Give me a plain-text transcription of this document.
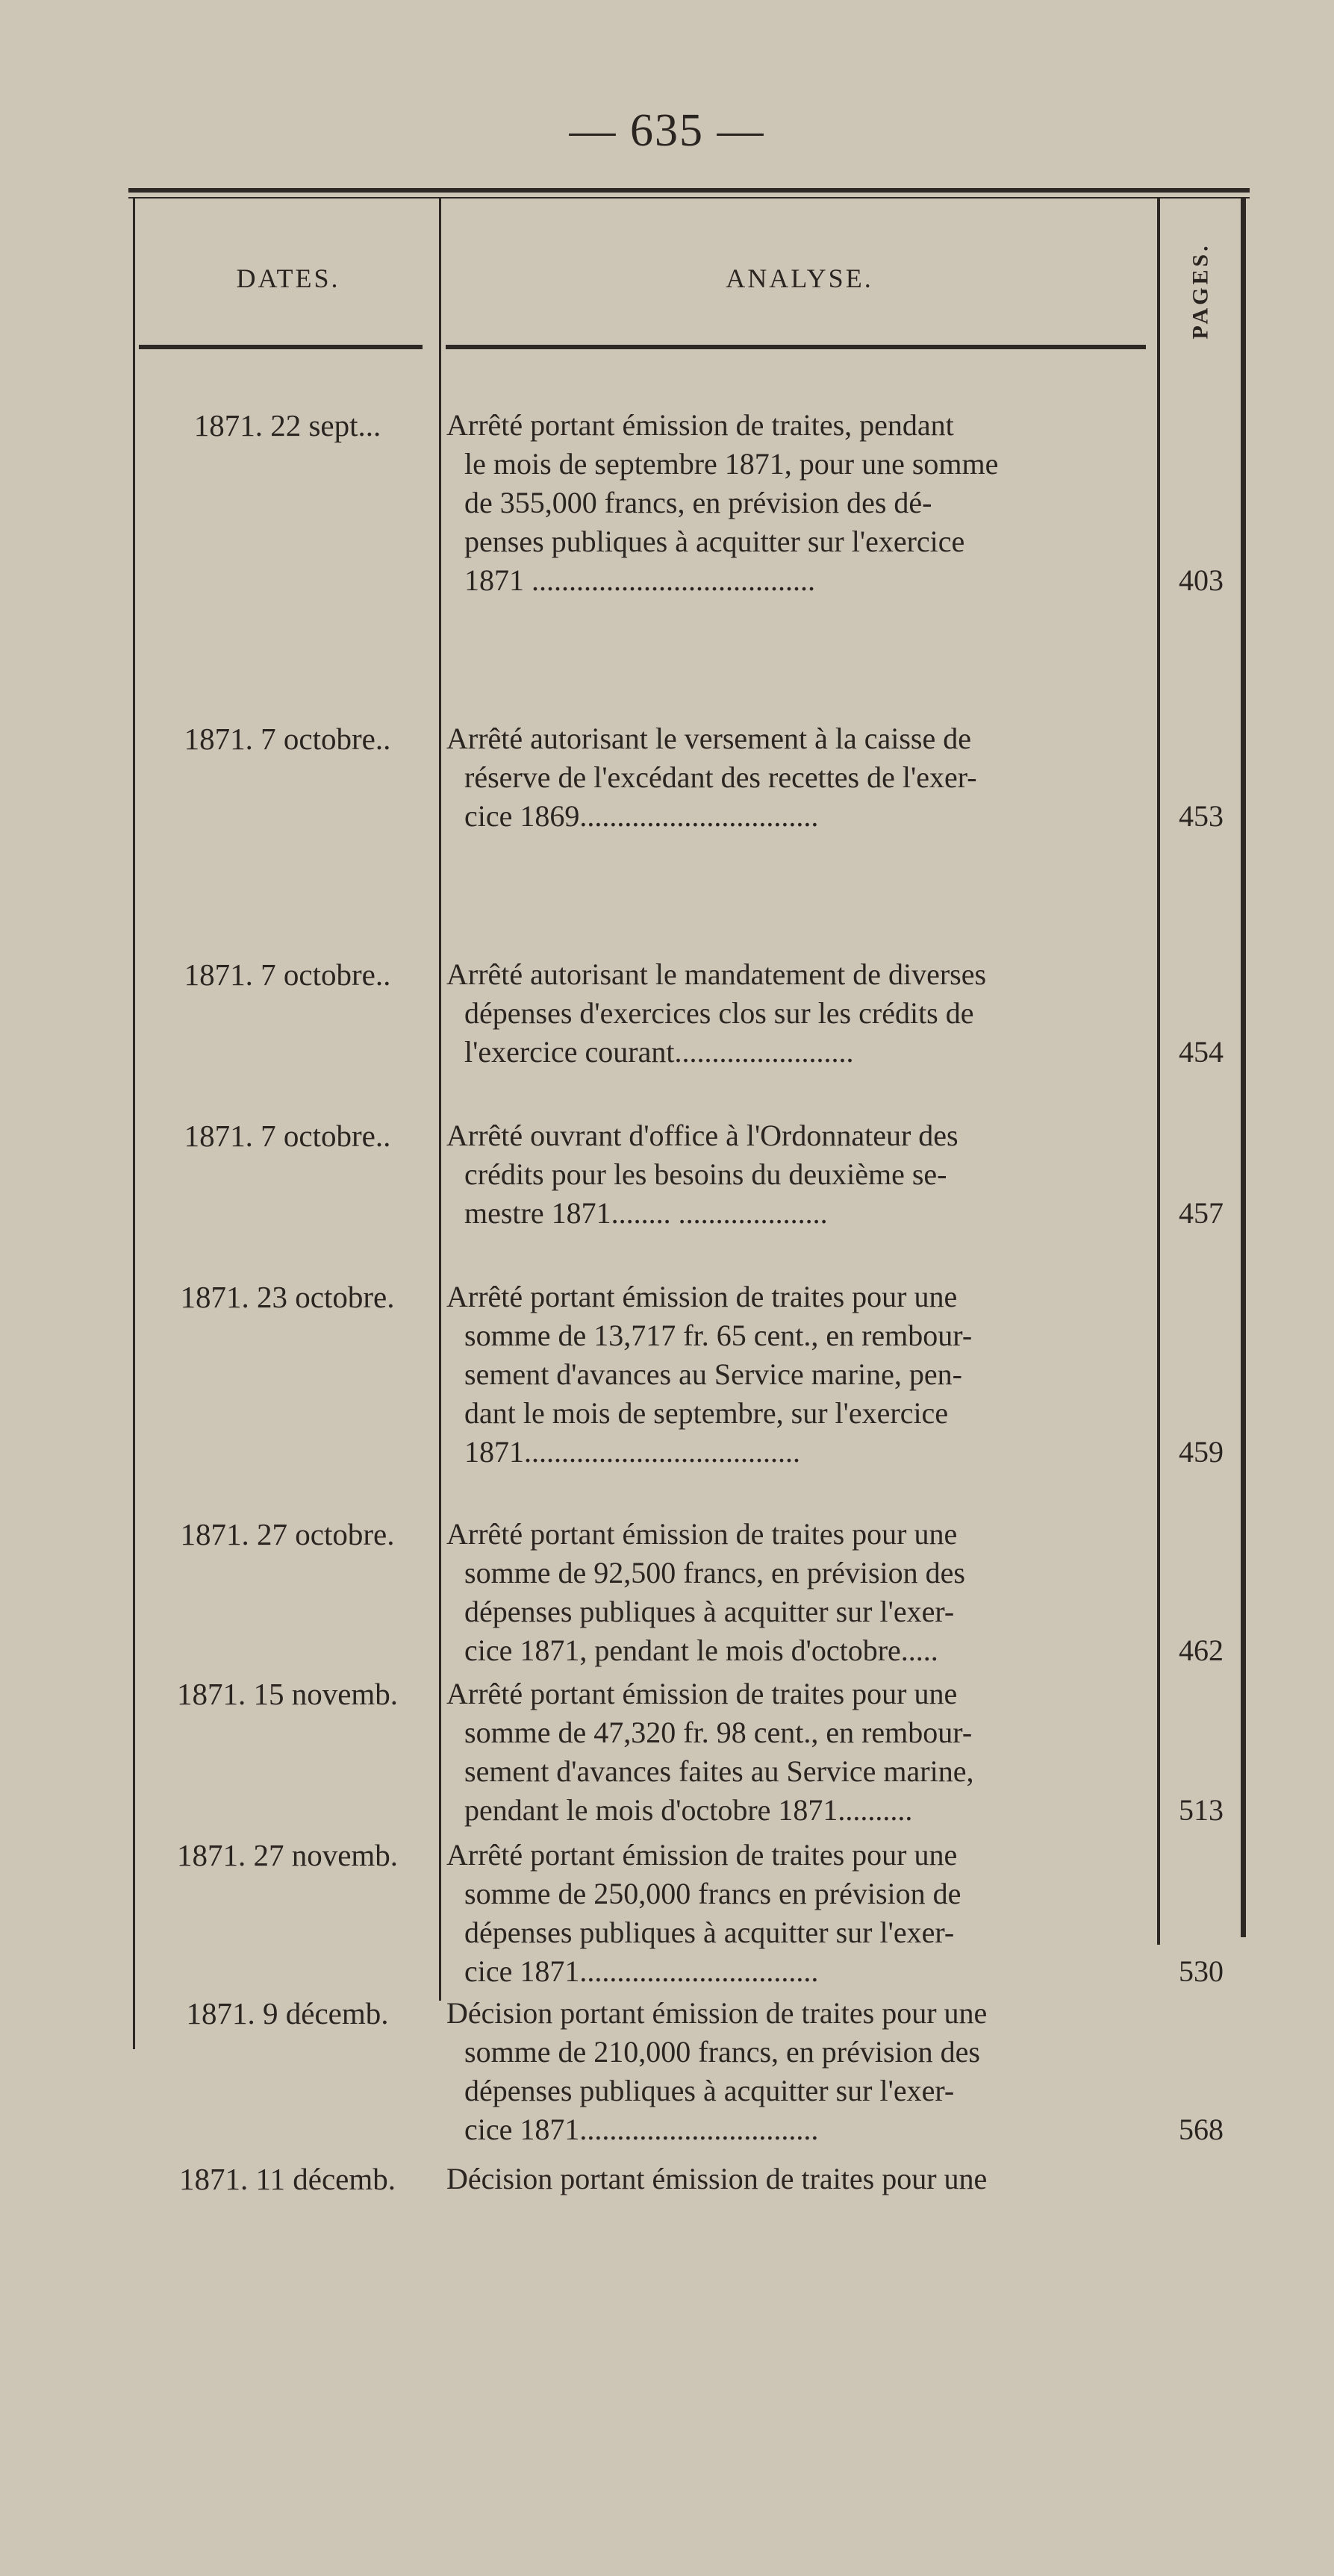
— 635 —
DATES.	ANALYSE.	PAGES.
1871. 22 sept...	Arrêté portant émission de traites, pendant

le mois de septembre 1871, pour une somme

de 355,000 francs, en prévision des dé-

penses publiques à acquitter sur l'exercice

1871 ......................................	403
1871. 7 octobre..	Arrêté autorisant le versement à la caisse de

réserve de l'excédant des recettes de l'exer-

cice 1869................................	453
1871. 7 octobre..	Arrêté autorisant le mandatement de diverses

dépenses d'exercices clos sur les crédits de

l'exercice courant........................	454
1871. 7 octobre..	Arrêté ouvrant d'office à l'Ordonnateur des

crédits pour les besoins du deuxième se-

mestre 1871........ ....................	457
1871. 23 octobre.	Arrêté portant émission de traites pour une

somme de 13,717 fr. 65 cent., en rembour-

sement d'avances au Service marine, pen-

dant le mois de septembre, sur l'exercice

1871.....................................	459
1871. 27 octobre.	Arrêté portant émission de traites pour une

somme de 92,500 francs, en prévision des

dépenses publiques à acquitter sur l'exer-

cice 1871, pendant le mois d'octobre.....	462
1871. 15 novemb.	Arrêté portant émission de traites pour une

somme de 47,320 fr. 98 cent., en rembour-

sement d'avances faites au Service marine,

pendant le mois d'octobre 1871..........	513
1871. 27 novemb.	Arrêté portant émission de traites pour une

somme de 250,000 francs en prévision de

dépenses publiques à acquitter sur l'exer-

cice 1871................................	530
1871. 9 décemb.	Décision portant émission de traites pour une

somme de 210,000 francs, en prévision des

dépenses publiques à acquitter sur l'exer-

cice 1871................................	568
1871. 11 décemb.	Décision portant émission de traites pour une
